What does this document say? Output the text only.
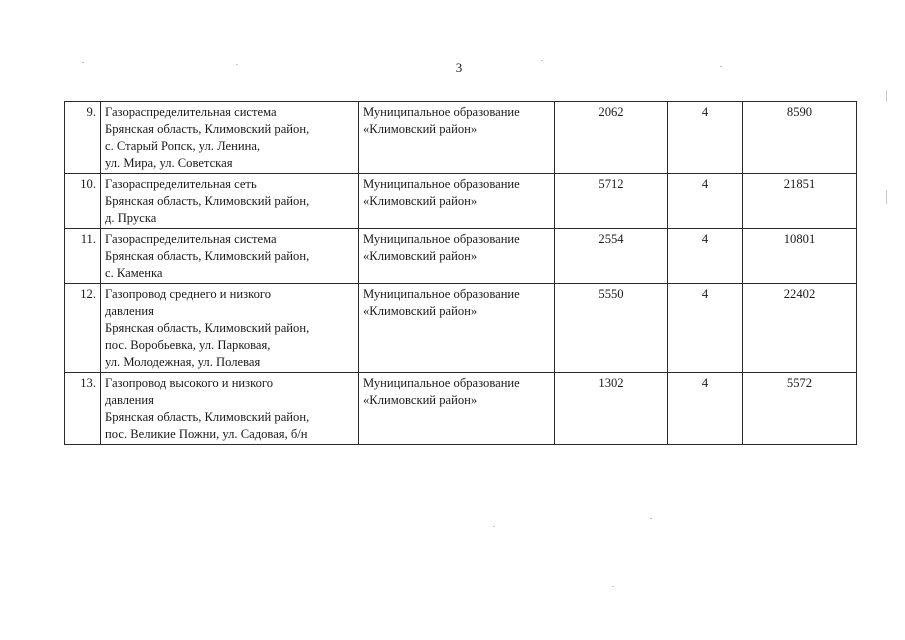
3
9.	Газораспределительная система
Брянская область, Климовский район,
с. Старый Ропск, ул. Ленина,
ул. Мира, ул. Советская	Муниципальное образование
«Климовский район»	2062	4	8590
10.	Газораспределительная сеть
Брянская область, Климовский район,
д. Пруска	Муниципальное образование
«Климовский район»	5712	4	21851
11.	Газораспределительная система
Брянская область, Климовский район,
с. Каменка	Муниципальное образование
«Климовский район»	2554	4	10801
12.	Газопровод среднего и низкого
давления
Брянская область, Климовский район,
пос. Воробьевка, ул. Парковая,
ул. Молодежная, ул. Полевая	Муниципальное образование
«Климовский район»	5550	4	22402
13.	Газопровод высокого и низкого
давления
Брянская область, Климовский район,
пос. Великие Пожни, ул. Садовая, б/н	Муниципальное образование
«Климовский район»	1302	4	5572
